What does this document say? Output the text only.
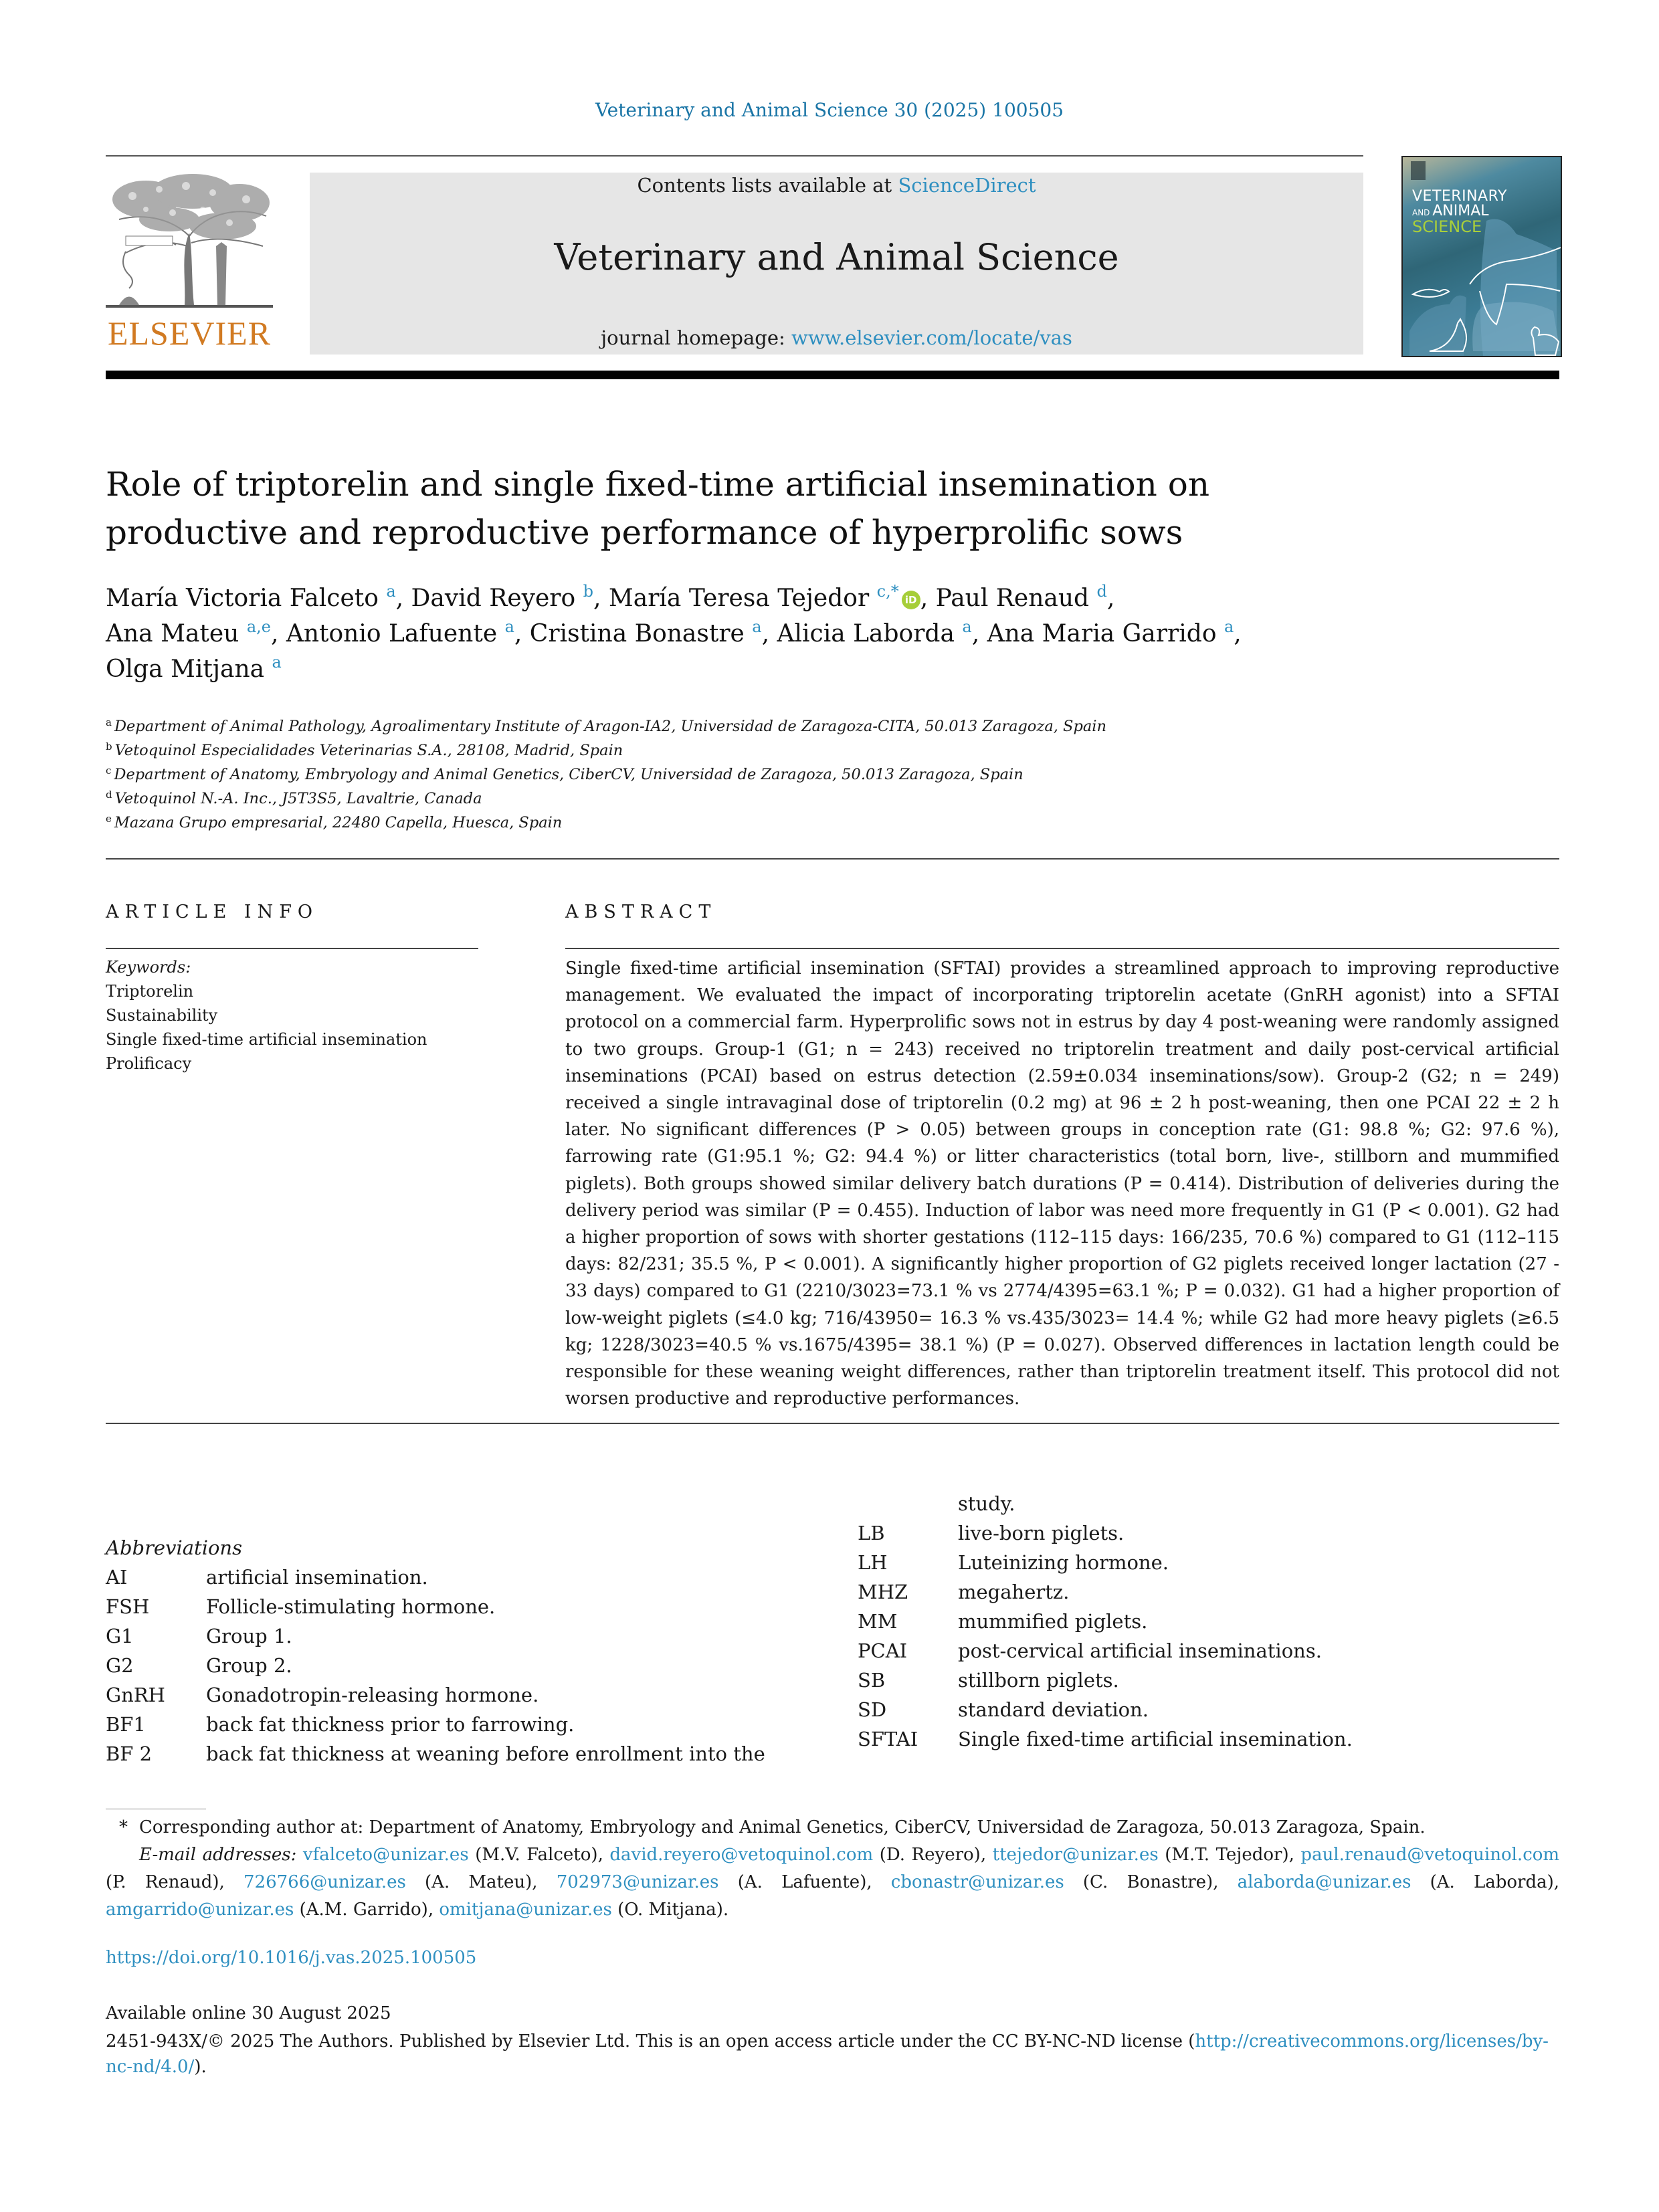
Veterinary and Animal Science 30 (2025) 100505
ELSEVIER
Contents lists available at ScienceDirect
Veterinary and Animal Science
journal homepage: www.elsevier.com/locate/vas
VETERINARY
AND ANIMAL
SCIENCE
Role of triptorelin and single fixed-time artificial insemination on
productive and reproductive performance of hyperprolific sows
María Victoria Falceto $^a$, David Reyero $^b$, María Teresa Tejedor $^{c,*}$ iD , Paul Renaud $^d$,
Ana Mateu $^{a,e}$, Antonio Lafuente $^a$, Cristina Bonastre $^a$, Alicia Laborda $^a$, Ana Maria Garrido $^a$,
Olga Mitjana $^a$
$^a$ Department of Animal Pathology, Agroalimentary Institute of Aragon-IA2, Universidad de Zaragoza-CITA, 50.013 Zaragoza, Spain
$^b$ Vetoquinol Especialidades Veterinarias S.A., 28108, Madrid, Spain
$^c$ Department of Anatomy, Embryology and Animal Genetics, CiberCV, Universidad de Zaragoza, 50.013 Zaragoza, Spain
$^d$ Vetoquinol N.-A. Inc., J5T3S5, Lavaltrie, Canada
$^e$ Mazana Grupo empresarial, 22480 Capella, Huesca, Spain
ARTICLE INFO
Keywords:
Triptorelin
Sustainability
Single fixed-time artificial insemination
Prolificacy
ABSTRACT
Single fixed-time artificial insemination (SFTAI) provides a streamlined approach to improving reproductive management. We evaluated the impact of incorporating triptorelin acetate (GnRH agonist) into a SFTAI protocol on a commercial farm. Hyperprolific sows not in estrus by day 4 post-weaning were randomly assigned to two groups. Group-1 (G1; n = 243) received no triptorelin treatment and daily post-cervical artificial inseminations (PCAI) based on estrus detection (2.59±0.034 inseminations/sow). Group-2 (G2; n = 249) received a single intravaginal dose of triptorelin (0.2 mg) at 96 ± 2 h post-weaning, then one PCAI 22 ± 2 h later. No significant differences (P > 0.05) between groups in conception rate (G1: 98.8 %; G2: 97.6 %), farrowing rate (G1:95.1 %; G2: 94.4 %) or litter characteristics (total born, live-, stillborn and mummified piglets). Both groups showed similar delivery batch durations (P = 0.414). Distribution of deliveries during the delivery period was similar (P = 0.455). Induction of labor was need more frequently in G1 (P < 0.001). G2 had a higher proportion of sows with shorter gestations (112–115 days: 166/235, 70.6 %) compared to G1 (112–115 days: 82/231; 35.5 %, P < 0.001). A significantly higher proportion of G2 piglets received longer lactation (27 - 33 days) compared to G1 (2210/3023=73.1 % vs 2774/4395=63.1 %; P = 0.032). G1 had a higher proportion of low-weight piglets (≤4.0 kg; 716/43950= 16.3 % vs.435/3023= 14.4 %; while G2 had more heavy piglets (≥6.5 kg; 1228/3023=40.5 % vs.1675/4395= 38.1 %) (P = 0.027). Observed differences in lactation length could be responsible for these weaning weight differences, rather than triptorelin treatment itself. This protocol did not worsen productive and reproductive performances.
Abbreviations
AI	artificial insemination.
FSH	Follicle-stimulating hormone.
G1	Group 1.
G2	Group 2.
GnRH	Gonadotropin-releasing hormone.
BF1	back fat thickness prior to farrowing.
BF 2	back fat thickness at weaning before enrollment into the
study.
LB	live-born piglets.
LH	Luteinizing hormone.
MHZ	megahertz.
MM	mummified piglets.
PCAI	post-cervical artificial inseminations.
SB	stillborn piglets.
SD	standard deviation.
SFTAI	Single fixed-time artificial insemination.
* Corresponding author at: Department of Anatomy, Embryology and Animal Genetics, CiberCV, Universidad de Zaragoza, 50.013 Zaragoza, Spain.
E-mail addresses: vfalceto@unizar.es (M.V. Falceto), david.reyero@vetoquinol.com (D. Reyero), ttejedor@unizar.es (M.T. Tejedor), paul.renaud@vetoquinol.com (P. Renaud), 726766@unizar.es (A. Mateu), 702973@unizar.es (A. Lafuente), cbonastr@unizar.es (C. Bonastre), alaborda@unizar.es (A. Laborda), amgarrido@unizar.es (A.M. Garrido), omitjana@unizar.es (O. Mitjana).
https://doi.org/10.1016/j.vas.2025.100505
Available online 30 August 2025
2451-943X/© 2025 The Authors. Published by Elsevier Ltd. This is an open access article under the CC BY-NC-ND license (http://creativecommons.org/licenses/by-nc-nd/4.0/).
